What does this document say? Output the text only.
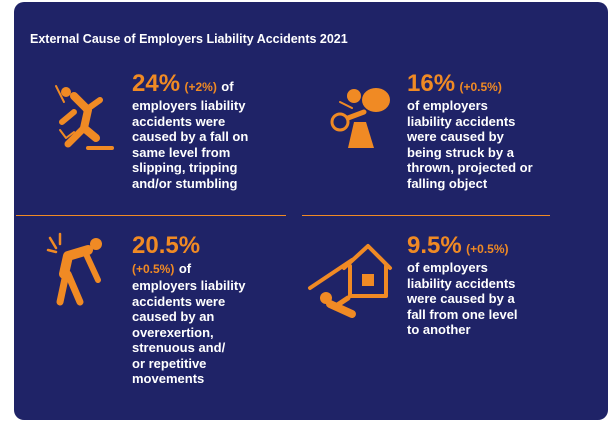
External Cause of Employers Liability Accidents 2021
24% (+2%) of
employers liability
accidents were
caused by a fall on
same level from
slipping, tripping
and/or stumbling
16% (+0.5%)
of employers
liability accidents
were caused by
being struck by a
thrown, projected or
falling object
20.5%
(+0.5%) of
employers liability
accidents were
caused by an
overexertion,
strenuous and/
or repetitive
movements
9.5% (+0.5%)
of employers
liability accidents
were caused by a
fall from one level
to another
